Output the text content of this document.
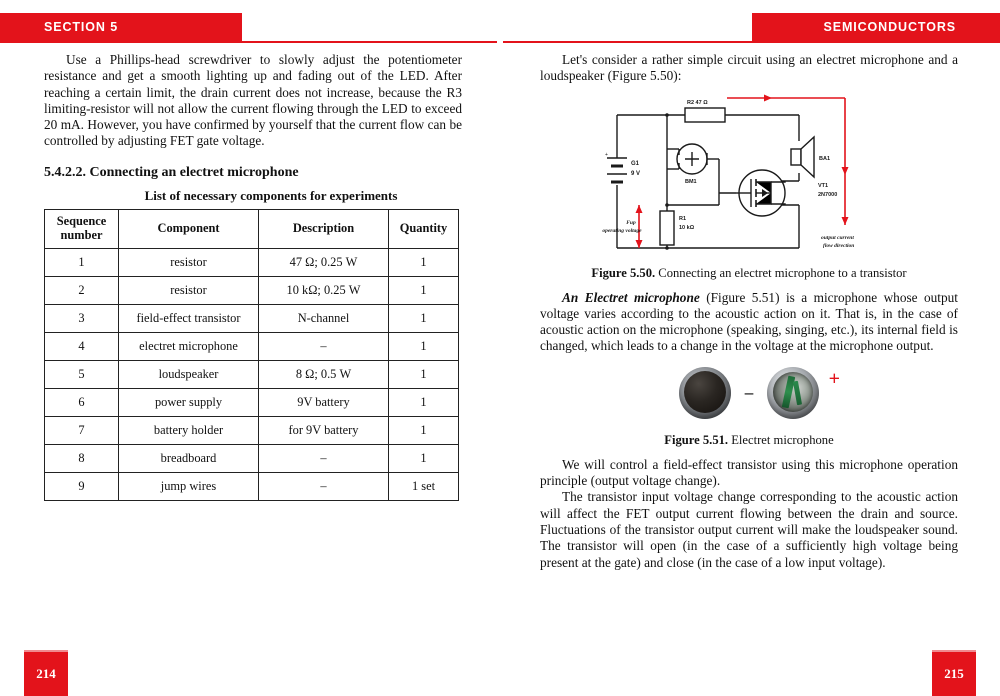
SECTION 5	SEMICONDUCTORS

Use a Phillips-head screwdriver to slowly adjust the potentiometer resistance and get a smooth lighting up and fading out of the LED. After reaching a certain limit, the drain current does not increase, because the R3 limiting-resistor will not allow the current flowing through the LED to exceed 20 mA. However, you have confirmed by yourself that the current flow can be controlled by adjusting FET gate voltage.

5.4.2.2. Connecting an electret microphone
List of necessary components for experiments
Sequence number	Component	Description	Quantity
1	resistor	47 Ω; 0.25 W	1
2	resistor	10 kΩ; 0.25 W	1
3	field-effect transistor	N-channel	1
4	electret microphone	–	1
5	loudspeaker	8 Ω; 0.5 W	1
6	power supply	9V battery	1
7	battery holder	for 9V battery	1
8	breadboard	–	1
9	jump wires	–	1 set

Let's consider a rather simple circuit using an electret microphone and a loudspeaker (Figure 5.50):

+
G1
9 V
R2 47 Ω
BM1
BA1
VT1
2N7000
R1
10 kΩ
output current
flow direction
Fup
operating voltage

Figure 5.50. Connecting an electret microphone to a transistor

An Electret microphone (Figure 5.51) is a microphone whose output voltage varies according to the acoustic action on it. That is, in the case of acoustic action on the microphone (speaking, singing, etc.), its internal field is changed, which leads to a change in the voltage at the microphone output.

–
+

Figure 5.51. Electret microphone

We will control a field-effect transistor using this microphone operation principle (output voltage change).

The transistor input voltage change corresponding to the acoustic action will affect the FET output current flowing between the drain and source. Fluctuations of the transistor output current will make the loudspeaker sound. The transistor will open (in the case of a sufficiently high voltage being present at the gate) and close (in the case of a low input voltage).

214	215
